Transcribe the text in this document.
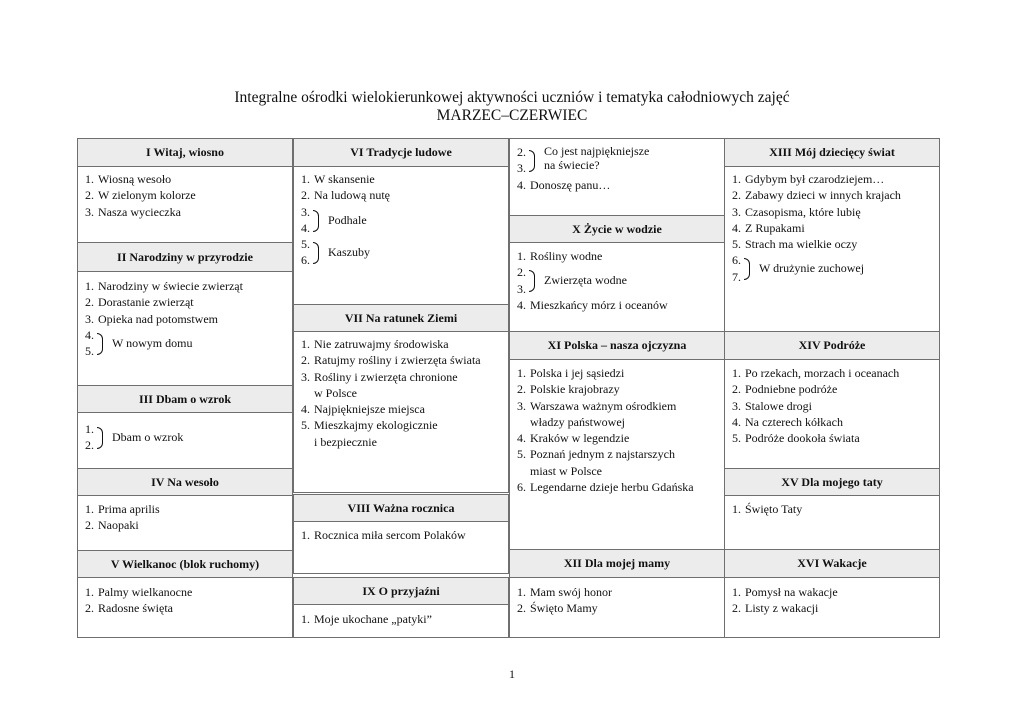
Integralne ośrodki wielokierunkowej aktywności uczniów i tematyka całodniowych zajęć
MARZEC–CZERWIEC
I Witaj, wiosno
1. Wiosną wesoło
2. W zielonym kolorze
3. Nasza wycieczka
II Narodziny w przyrodzie
1. Narodziny w świecie zwierząt
2. Dorastanie zwierząt
3. Opieka nad potomstwem
4.
5.
W nowym domu
III Dbam o wzrok
1.
2.
Dbam o wzrok
IV Na wesoło
1. Prima aprilis
2. Naopaki
V Wielkanoc (blok ruchomy)
1. Palmy wielkanocne
2. Radosne święta
VI Tradycje ludowe
1. W skansenie
2. Na ludową nutę
3.
4.
Podhale
5.
6.
Kaszuby
VII Na ratunek Ziemi
1. Nie zatruwajmy środowiska
2. Ratujmy rośliny i zwierzęta świata
3. Rośliny i zwierzęta chronione
w Polsce
4. Najpiękniejsze miejsca
5. Mieszkajmy ekologicznie
i bezpiecznie
VIII Ważna rocznica
1. Rocznica miła sercom Polaków
IX O przyjaźni
1. Moje ukochane „patyki”
2.
3.
Co jest najpiękniejsze
na świecie?
4. Donoszę panu…
X Życie w wodzie
1. Rośliny wodne
2.
3.
Zwierzęta wodne
4. Mieszkańcy mórz i oceanów
XI Polska – nasza ojczyzna
1. Polska i jej sąsiedzi
2. Polskie krajobrazy
3. Warszawa ważnym ośrodkiem
władzy państwowej
4. Kraków w legendzie
5. Poznań jednym z najstarszych
miast w Polsce
6. Legendarne dzieje herbu Gdańska
XII Dla mojej mamy
1. Mam swój honor
2. Święto Mamy
XIII Mój dziecięcy świat
1. Gdybym był czarodziejem…
2. Zabawy dzieci w innych krajach
3. Czasopisma, które lubię
4. Z Rupakami
5. Strach ma wielkie oczy
6.
7.
W drużynie zuchowej
XIV Podróże
1. Po rzekach, morzach i oceanach
2. Podniebne podróże
3. Stalowe drogi
4. Na czterech kółkach
5. Podróże dookoła świata
XV Dla mojego taty
1. Święto Taty
XVI Wakacje
1. Pomysł na wakacje
2. Listy z wakacji
1
